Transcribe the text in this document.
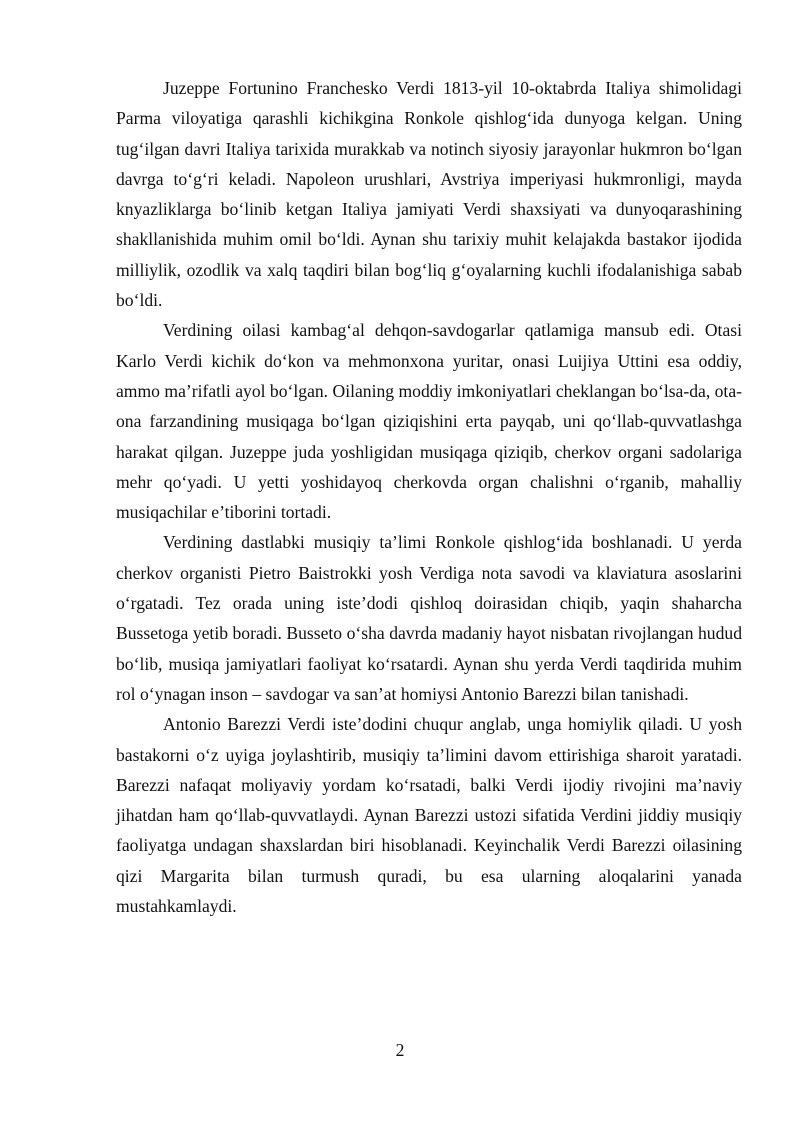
Juzeppe Fortunino Franchesko Verdi 1813-yil 10-oktabrda Italiya shimolidagi Parma viloyatiga qarashli kichikgina Ronkole qishlog‘ida dunyoga kelgan. Uning tug‘ilgan davri Italiya tarixida murakkab va notinch siyosiy jarayonlar hukmron bo‘lgan davrga to‘g‘ri keladi. Napoleon urushlari, Avstriya imperiyasi hukmronligi, mayda knyazliklarga bo‘linib ketgan Italiya jamiyati Verdi shaxsiyati va dunyoqarashining shakllanishida muhim omil bo‘ldi. Aynan shu tarixiy muhit kelajakda bastakor ijodida milliylik, ozodlik va xalq taqdiri bilan bog‘liq g‘oyalarning kuchli ifodalanishiga sabab bo‘ldi.

Verdining oilasi kambag‘al dehqon-savdogarlar qatlamiga mansub edi. Otasi Karlo Verdi kichik do‘kon va mehmonxona yuritar, onasi Luijiya Uttini esa oddiy, ammo ma’rifatli ayol bo‘lgan. Oilaning moddiy imkoniyatlari cheklangan bo‘lsa-da, ota-ona farzandining musiqaga bo‘lgan qiziqishini erta payqab, uni qo‘llab-quvvatlashga harakat qilgan. Juzeppe juda yoshligidan musiqaga qiziqib, cherkov organi sadolariga mehr qo‘yadi. U yetti yoshidayoq cherkovda organ chalishni o‘rganib, mahalliy musiqachilar e’tiborini tortadi.

Verdining dastlabki musiqiy ta’limi Ronkole qishlog‘ida boshlanadi. U yerda cherkov organisti Pietro Baistrokki yosh Verdiga nota savodi va klaviatura asoslarini o‘rgatadi. Tez orada uning iste’dodi qishloq doirasidan chiqib, yaqin shaharcha Bussetoga yetib boradi. Busseto o‘sha davrda madaniy hayot nisbatan rivojlangan hudud bo‘lib, musiqa jamiyatlari faoliyat ko‘rsatardi. Aynan shu yerda Verdi taqdirida muhim rol o‘ynagan inson – savdogar va san’at homiysi Antonio Barezzi bilan tanishadi.

Antonio Barezzi Verdi iste’dodini chuqur anglab, unga homiylik qiladi. U yosh bastakorni o‘z uyiga joylashtirib, musiqiy ta’limini davom ettirishiga sharoit yaratadi. Barezzi nafaqat moliyaviy yordam ko‘rsatadi, balki Verdi ijodiy rivojini ma’naviy jihatdan ham qo‘llab-quvvatlaydi. Aynan Barezzi ustozi sifatida Verdini jiddiy musiqiy faoliyatga undagan shaxslardan biri hisoblanadi. Keyinchalik Verdi Barezzi oilasining qizi Margarita bilan turmush quradi, bu esa ularning aloqalarini yanada mustahkamlaydi.

2
